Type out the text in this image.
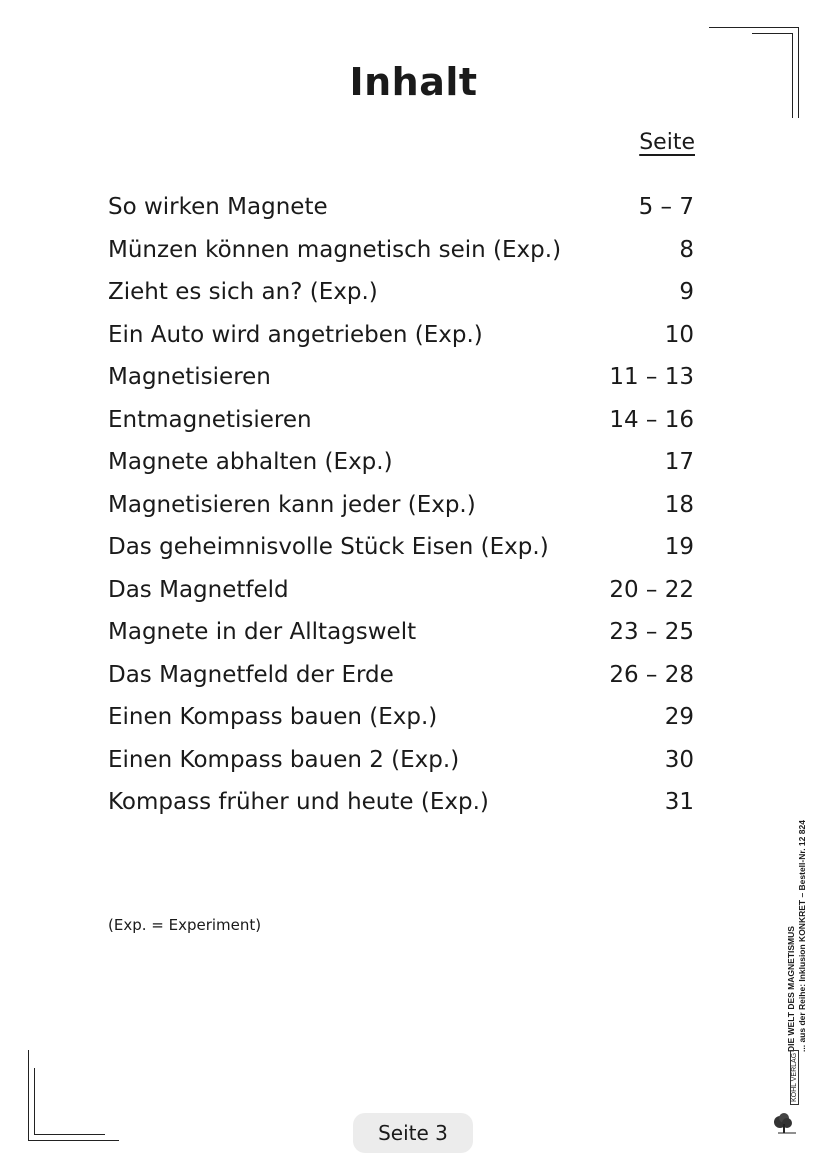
Inhalt
Seite
So wirken Magnete	5 – 7
Münzen können magnetisch sein (Exp.)	8
Zieht es sich an? (Exp.)	9
Ein Auto wird angetrieben (Exp.)	10
Magnetisieren	11 – 13
Entmagnetisieren	14 – 16
Magnete abhalten (Exp.)	17
Magnetisieren kann jeder (Exp.)	18
Das geheimnisvolle Stück Eisen (Exp.)	19
Das Magnetfeld	20 – 22
Magnete in der Alltagswelt	23 – 25
Das Magnetfeld der Erde	26 – 28
Einen Kompass bauen (Exp.)	29
Einen Kompass bauen 2 (Exp.)	30
Kompass früher und heute (Exp.)	31
(Exp. = Experiment)
Seite 3
DIE WELT DES MAGNETISMUS ... aus der Reihe: Inklusion KONKRET – Bestell-Nr. 12 824
KOHL VERLAG
